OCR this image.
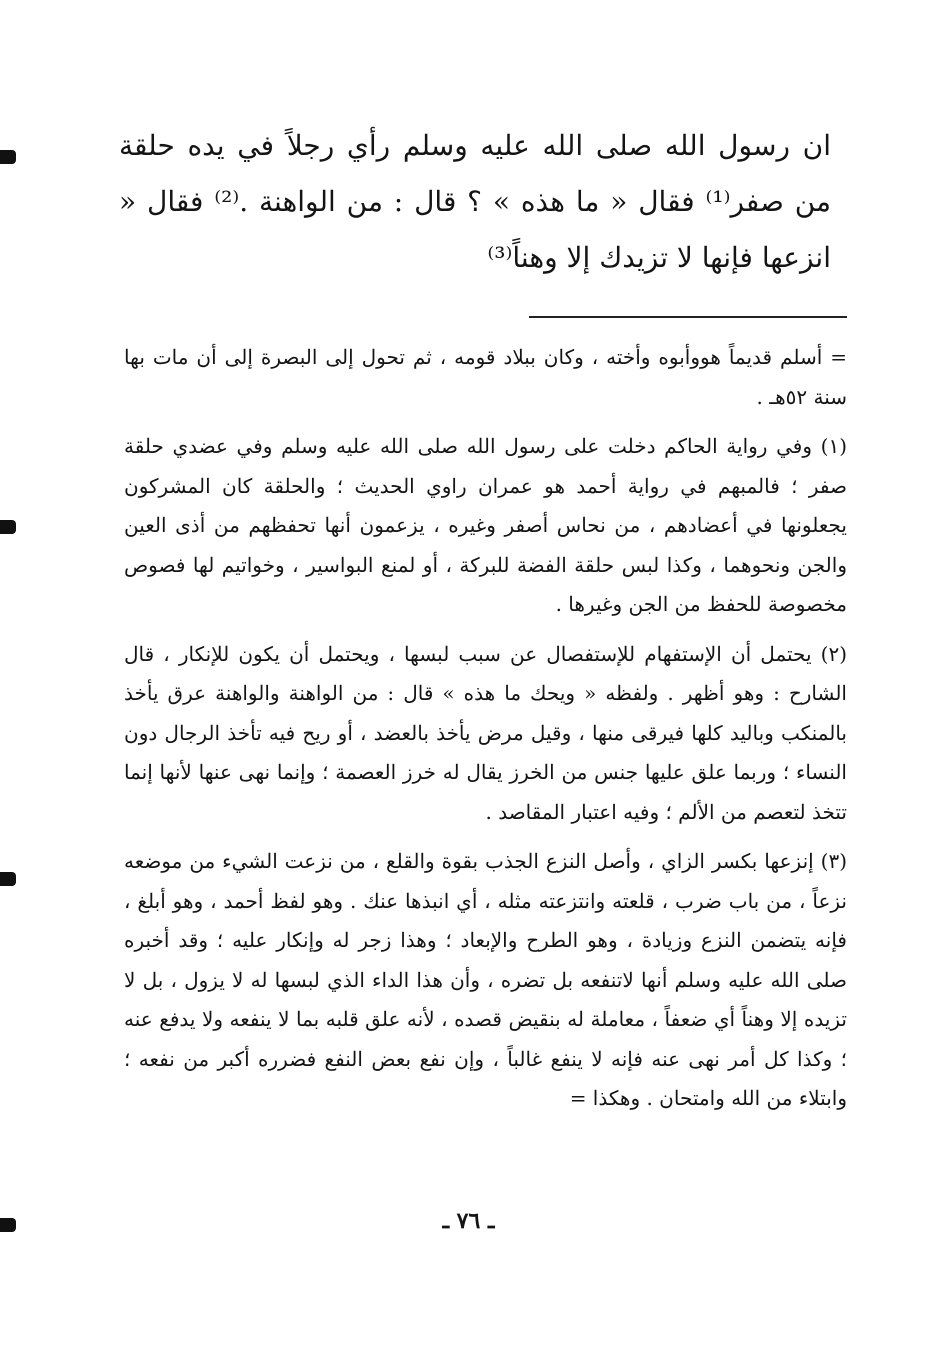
ان رسول الله صلى الله عليه وسلم رأي رجلاً في يده حلقة من صفر⁽¹⁾ فقال « ما هذه » ؟ قال : من الواهنة .⁽²⁾ فقال « انزعها فإنها لا تزيدك إلا وهناً⁽³⁾

= أسلم قديماً هووأبوه وأخته ، وكان ببلاد قومه ، ثم تحول إلى البصرة إلى أن مات بها سنة ٥٢هـ .

(١) وفي رواية الحاكم دخلت على رسول الله صلى الله عليه وسلم وفي عضدي حلقة صفر ؛ فالمبهم في رواية أحمد هو عمران راوي الحديث ؛ والحلقة كان المشركون يجعلونها في أعضادهم ، من نحاس أصفر وغيره ، يزعمون أنها تحفظهم من أذى العين والجن ونحوهما ، وكذا لبس حلقة الفضة للبركة ، أو لمنع البواسير ، وخواتيم لها فصوص مخصوصة للحفظ من الجن وغيرها .

(٢) يحتمل أن الإستفهام للإستفصال عن سبب لبسها ، ويحتمل أن يكون للإنكار ، قال الشارح : وهو أظهر . ولفظه « ويحك ما هذه » قال : من الواهنة والواهنة عرق يأخذ بالمنكب وباليد كلها فيرقى منها ، وقيل مرض يأخذ بالعضد ، أو ريح فيه تأخذ الرجال دون النساء ؛ وربما علق عليها جنس من الخرز يقال له خرز العصمة ؛ وإنما نهى عنها لأنها إنما تتخذ لتعصم من الألم ؛ وفيه اعتبار المقاصد .

(٣) إنزعها بكسر الزاي ، وأصل النزع الجذب بقوة والقلع ، من نزعت الشيء من موضعه نزعاً ، من باب ضرب ، قلعته وانتزعته مثله ، أي انبذها عنك . وهو لفظ أحمد ، وهو أبلغ ، فإنه يتضمن النزع وزيادة ، وهو الطرح والإبعاد ؛ وهذا زجر له وإنكار عليه ؛ وقد أخبره صلى الله عليه وسلم أنها لاتنفعه بل تضره ، وأن هذا الداء الذي لبسها له لا يزول ، بل لا تزيده إلا وهناً أي ضعفاً ، معاملة له بنقيض قصده ، لأنه علق قلبه بما لا ينفعه ولا يدفع عنه ؛ وكذا كل أمر نهى عنه فإنه لا ينفع غالباً ، وإن نفع بعض النفع فضرره أكبر من نفعه ؛ وابتلاء من الله وامتحان . وهكذا =

ـ ٧٦ ـ
